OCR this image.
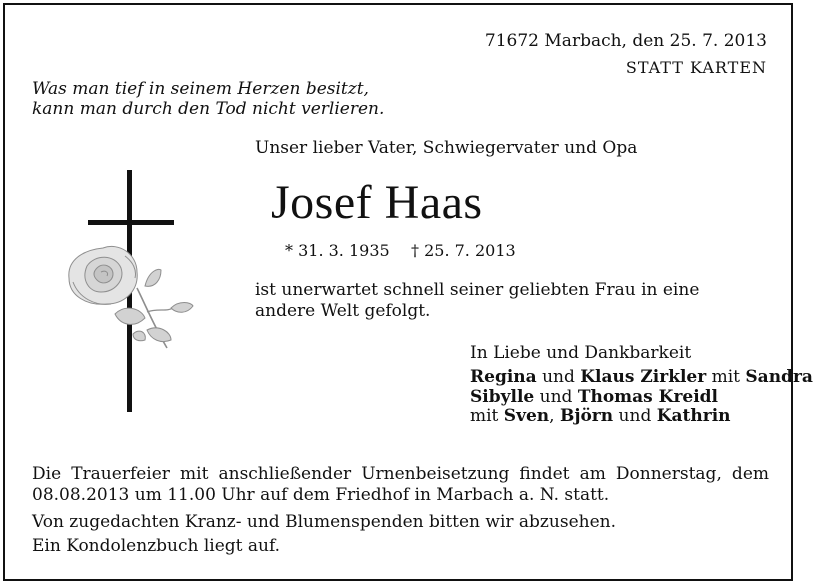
71672 Marbach, den 25. 7. 2013
STATT KARTEN
Was man tief in seinem Herzen besitzt,
kann man durch den Tod nicht verlieren.
Unser lieber Vater, Schwiegervater und Opa
Josef Haas
* 31. 3. 1935 † 25. 7. 2013
ist unerwartet schnell seiner geliebten Frau in eine
andere Welt gefolgt.
In Liebe und Dankbarkeit
Regina und Klaus Zirkler mit Sandra
Sibylle und Thomas Kreidl
mit Sven, Björn und Kathrin
Die Trauerfeier mit anschließender Urnenbeisetzung findet am Donnerstag, dem 08.08.2013 um 11.00 Uhr auf dem Friedhof in Marbach a. N. statt.
Von zugedachten Kranz- und Blumenspenden bitten wir abzusehen.
Ein Kondolenzbuch liegt auf.
